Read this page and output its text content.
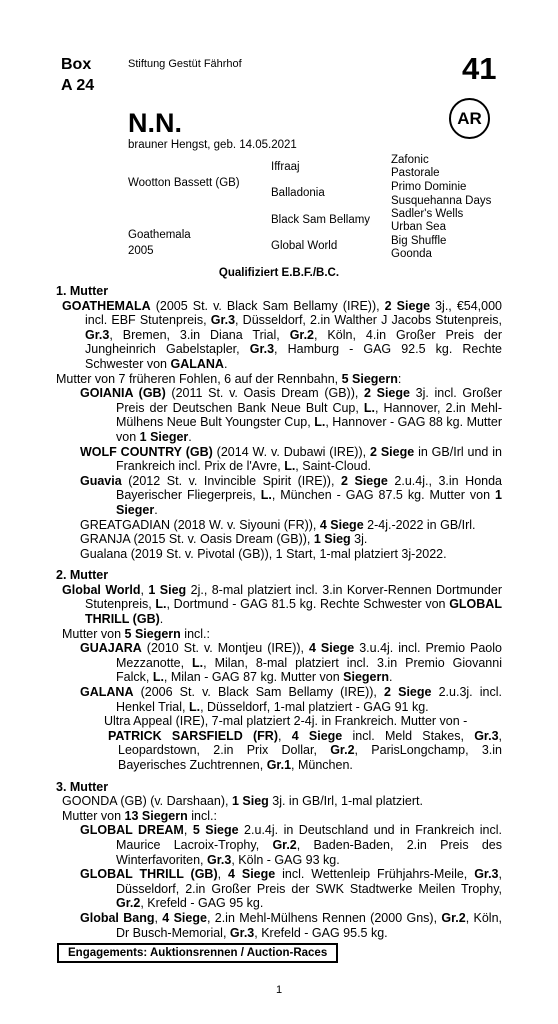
Box
A 24
Stiftung Gestüt Fährhof	41
AR
N.N.
brauner Hengst, geb. 14.05.2021
Wootton Bassett (GB)
Goathemala
2005
Iffraaj
Balladonia
Black Sam Bellamy
Global World
Zafonic
Pastorale
Primo Dominie
Susquehanna Days
Sadler's Wells
Urban Sea
Big Shuffle
Goonda
Qualifiziert E.B.F./B.C.
1. Mutter
GOATHEMALA (2005 St. v. Black Sam Bellamy (IRE)), 2 Siege 3j., €54,000 incl. EBF Stutenpreis, Gr.3, Düsseldorf, 2.in Walther J Jacobs Stutenpreis, Gr.3, Bremen, 3.in Diana Trial, Gr.2, Köln, 4.in Großer Preis der Jungheinrich Gabelstapler, Gr.3, Hamburg - GAG 92.5 kg. Rechte Schwester von GALANA.
Mutter von 7 früheren Fohlen, 6 auf der Rennbahn, 5 Siegern:
GOIANIA (GB) (2011 St. v. Oasis Dream (GB)), 2 Siege 3j. incl. Großer Preis der Deutschen Bank Neue Bult Cup, L., Hannover, 2.in Mehl-Mülhens Neue Bult Youngster Cup, L., Hannover - GAG 88 kg. Mutter von 1 Sieger.
WOLF COUNTRY (GB) (2014 W. v. Dubawi (IRE)), 2 Siege in GB/Irl und in Frankreich incl. Prix de l'Avre, L., Saint-Cloud.
Guavia (2012 St. v. Invincible Spirit (IRE)), 2 Siege 2.u.4j., 3.in Honda Bayerischer Fliegerpreis, L., München - GAG 87.5 kg. Mutter von 1 Sieger.
GREATGADIAN (2018 W. v. Siyouni (FR)), 4 Siege 2-4j.-2022 in GB/Irl.
GRANJA (2015 St. v. Oasis Dream (GB)), 1 Sieg 3j.
Gualana (2019 St. v. Pivotal (GB)), 1 Start, 1-mal platziert 3j-2022.
2. Mutter
Global World, 1 Sieg 2j., 8-mal platziert incl. 3.in Korver-Rennen Dortmunder Stutenpreis, L., Dortmund - GAG 81.5 kg. Rechte Schwester von GLOBAL THRILL (GB).
Mutter von 5 Siegern incl.:
GUAJARA (2010 St. v. Montjeu (IRE)), 4 Siege 3.u.4j. incl. Premio Paolo Mezzanotte, L., Milan, 8-mal platziert incl. 3.in Premio Giovanni Falck, L., Milan - GAG 87 kg. Mutter von Siegern.
GALANA (2006 St. v. Black Sam Bellamy (IRE)), 2 Siege 2.u.3j. incl. Henkel Trial, L., Düsseldorf, 1-mal platziert - GAG 91 kg.
Ultra Appeal (IRE), 7-mal platziert 2-4j. in Frankreich. Mutter von -
PATRICK SARSFIELD (FR), 4 Siege incl. Meld Stakes, Gr.3, Leopardstown, 2.in Prix Dollar, Gr.2, ParisLongchamp, 3.in Bayerisches Zuchtrennen, Gr.1, München.
3. Mutter
GOONDA (GB) (v. Darshaan), 1 Sieg 3j. in GB/Irl, 1-mal platziert.
Mutter von 13 Siegern incl.:
GLOBAL DREAM, 5 Siege 2.u.4j. in Deutschland und in Frankreich incl. Maurice Lacroix-Trophy, Gr.2, Baden-Baden, 2.in Preis des Winterfavoriten, Gr.3, Köln - GAG 93 kg.
GLOBAL THRILL (GB), 4 Siege incl. Wettenleip Frühjahrs-Meile, Gr.3, Düsseldorf, 2.in Großer Preis der SWK Stadtwerke Meilen Trophy, Gr.2, Krefeld - GAG 95 kg.
Global Bang, 4 Siege, 2.in Mehl-Mülhens Rennen (2000 Gns), Gr.2, Köln, Dr Busch-Memorial, Gr.3, Krefeld - GAG 95.5 kg.
Engagements: Auktionsrennen / Auction-Races
1
